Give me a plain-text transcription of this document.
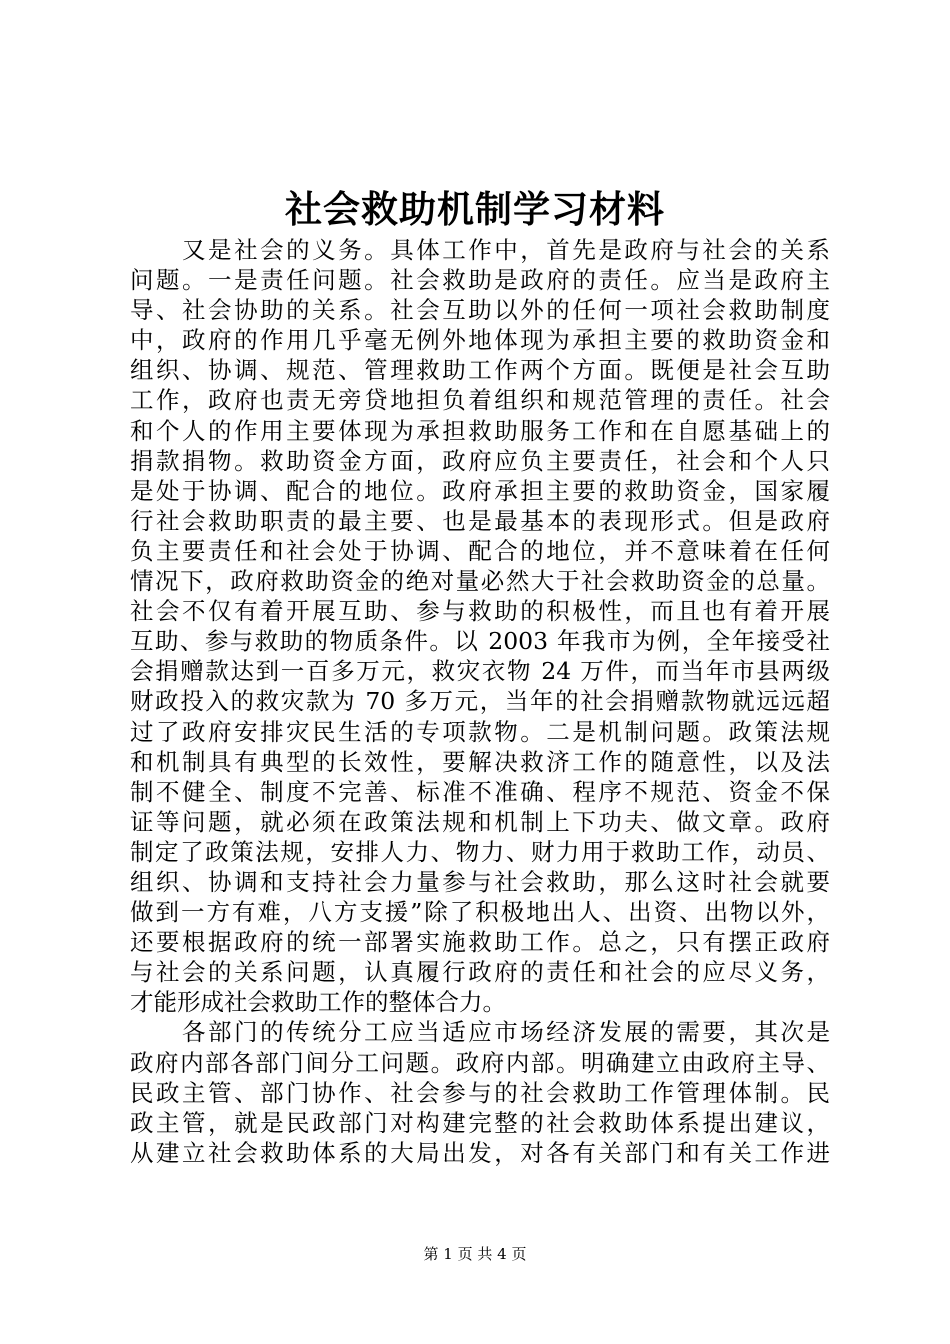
社会救助机制学习材料
　　又是社会的义务。具体工作中，首先是政府与社会的关系
问题。一是责任问题。社会救助是政府的责任。应当是政府主
导、社会协助的关系。社会互助以外的任何一项社会救助制度
中，政府的作用几乎毫无例外地体现为承担主要的救助资金和
组织、协调、规范、管理救助工作两个方面。既便是社会互助
工作，政府也责无旁贷地担负着组织和规范管理的责任。社会
和个人的作用主要体现为承担救助服务工作和在自愿基础上的
捐款捐物。救助资金方面，政府应负主要责任，社会和个人只
是处于协调、配合的地位。政府承担主要的救助资金，国家履
行社会救助职责的最主要、也是最基本的表现形式。但是政府
负主要责任和社会处于协调、配合的地位，并不意味着在任何
情况下，政府救助资金的绝对量必然大于社会救助资金的总量。
社会不仅有着开展互助、参与救助的积极性，而且也有着开展
互助、参与救助的物质条件。以 2003 年我市为例，全年接受社
会捐赠款达到一百多万元，救灾衣物 24 万件，而当年市县两级
财政投入的救灾款为 70 多万元，当年的社会捐赠款物就远远超
过了政府安排灾民生活的专项款物。二是机制问题。政策法规
和机制具有典型的长效性，要解决救济工作的随意性，以及法
制不健全、制度不完善、标准不准确、程序不规范、资金不保
证等问题，就必须在政策法规和机制上下功夫、做文章。政府
制定了政策法规，安排人力、物力、财力用于救助工作，动员、
组织、协调和支持社会力量参与社会救助，那么这时社会就要
做到一方有难，八方支援”除了积极地出人、出资、出物以外，
还要根据政府的统一部署实施救助工作。总之，只有摆正政府
与社会的关系问题，认真履行政府的责任和社会的应尽义务，
才能形成社会救助工作的整体合力。
　　各部门的传统分工应当适应市场经济发展的需要，其次是
政府内部各部门间分工问题。政府内部。明确建立由政府主导、
民政主管、部门协作、社会参与的社会救助工作管理体制。民
政主管，就是民政部门对构建完整的社会救助体系提出建议，
从建立社会救助体系的大局出发，对各有关部门和有关工作进
第 1 页 共 4 页
